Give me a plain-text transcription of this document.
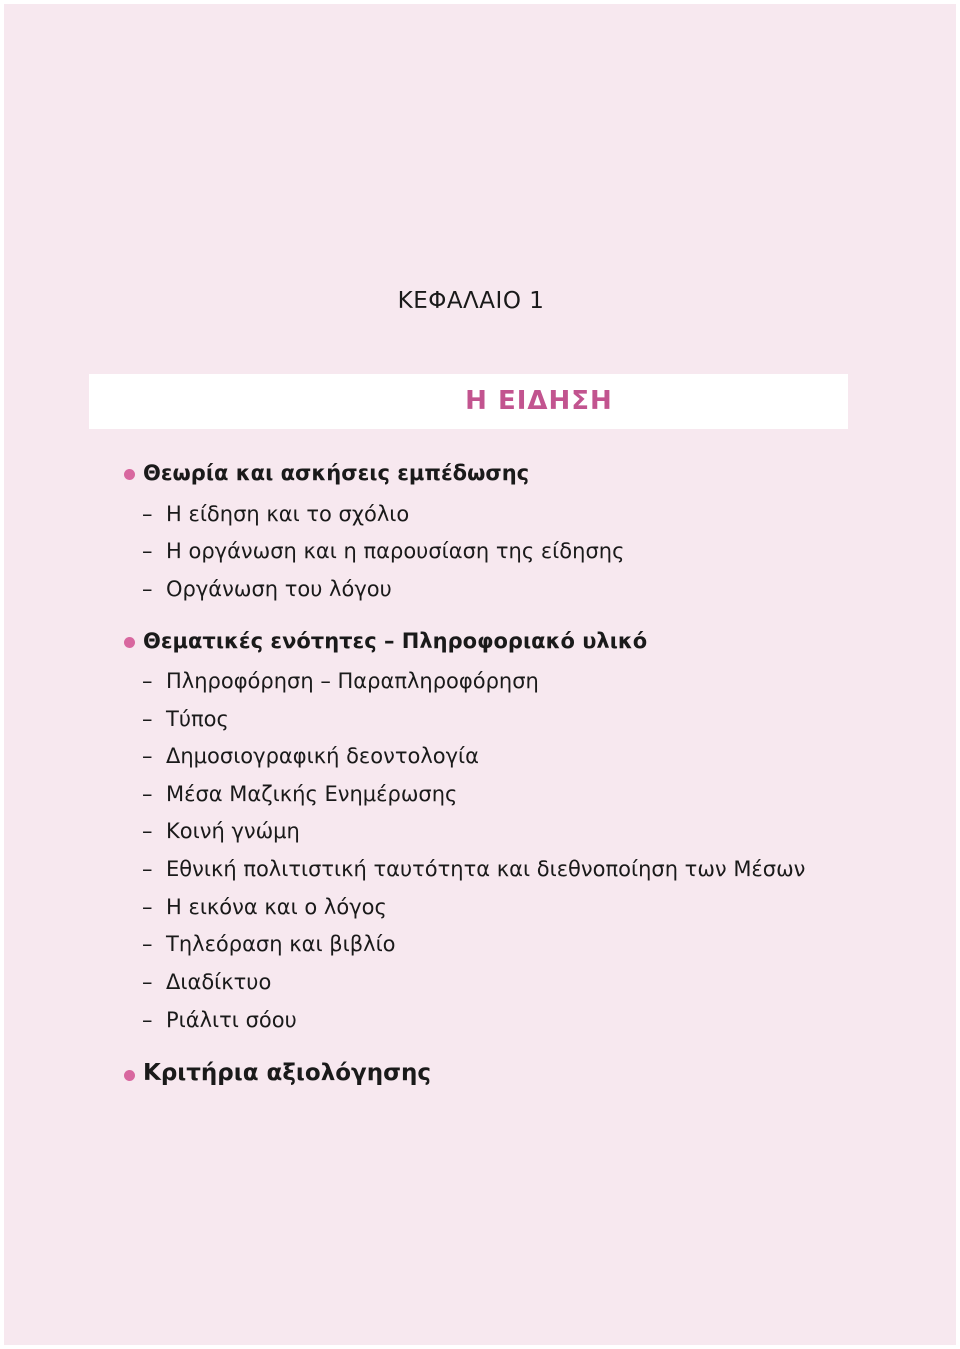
ΚΕΦΑΛΑΙΟ 1
Η ΕΙΔΗΣΗ
Θεωρία και ασκήσεις εμπέδωσης
– Η είδηση και το σχόλιο
– Η οργάνωση και η παρουσίαση της είδησης
– Οργάνωση του λόγου
Θεματικές ενότητες – Πληροφοριακό υλικό
– Πληροφόρηση – Παραπληροφόρηση
– Τύπος
– Δημοσιογραφική δεοντολογία
– Μέσα Μαζικής Ενημέρωσης
– Κοινή γνώμη
– Εθνική πολιτιστική ταυτότητα και διεθνοποίηση των Μέσων
– Η εικόνα και ο λόγος
– Τηλεόραση και βιβλίο
– Διαδίκτυο
– Ριάλιτι σόου
Κριτήρια αξιολόγησης
